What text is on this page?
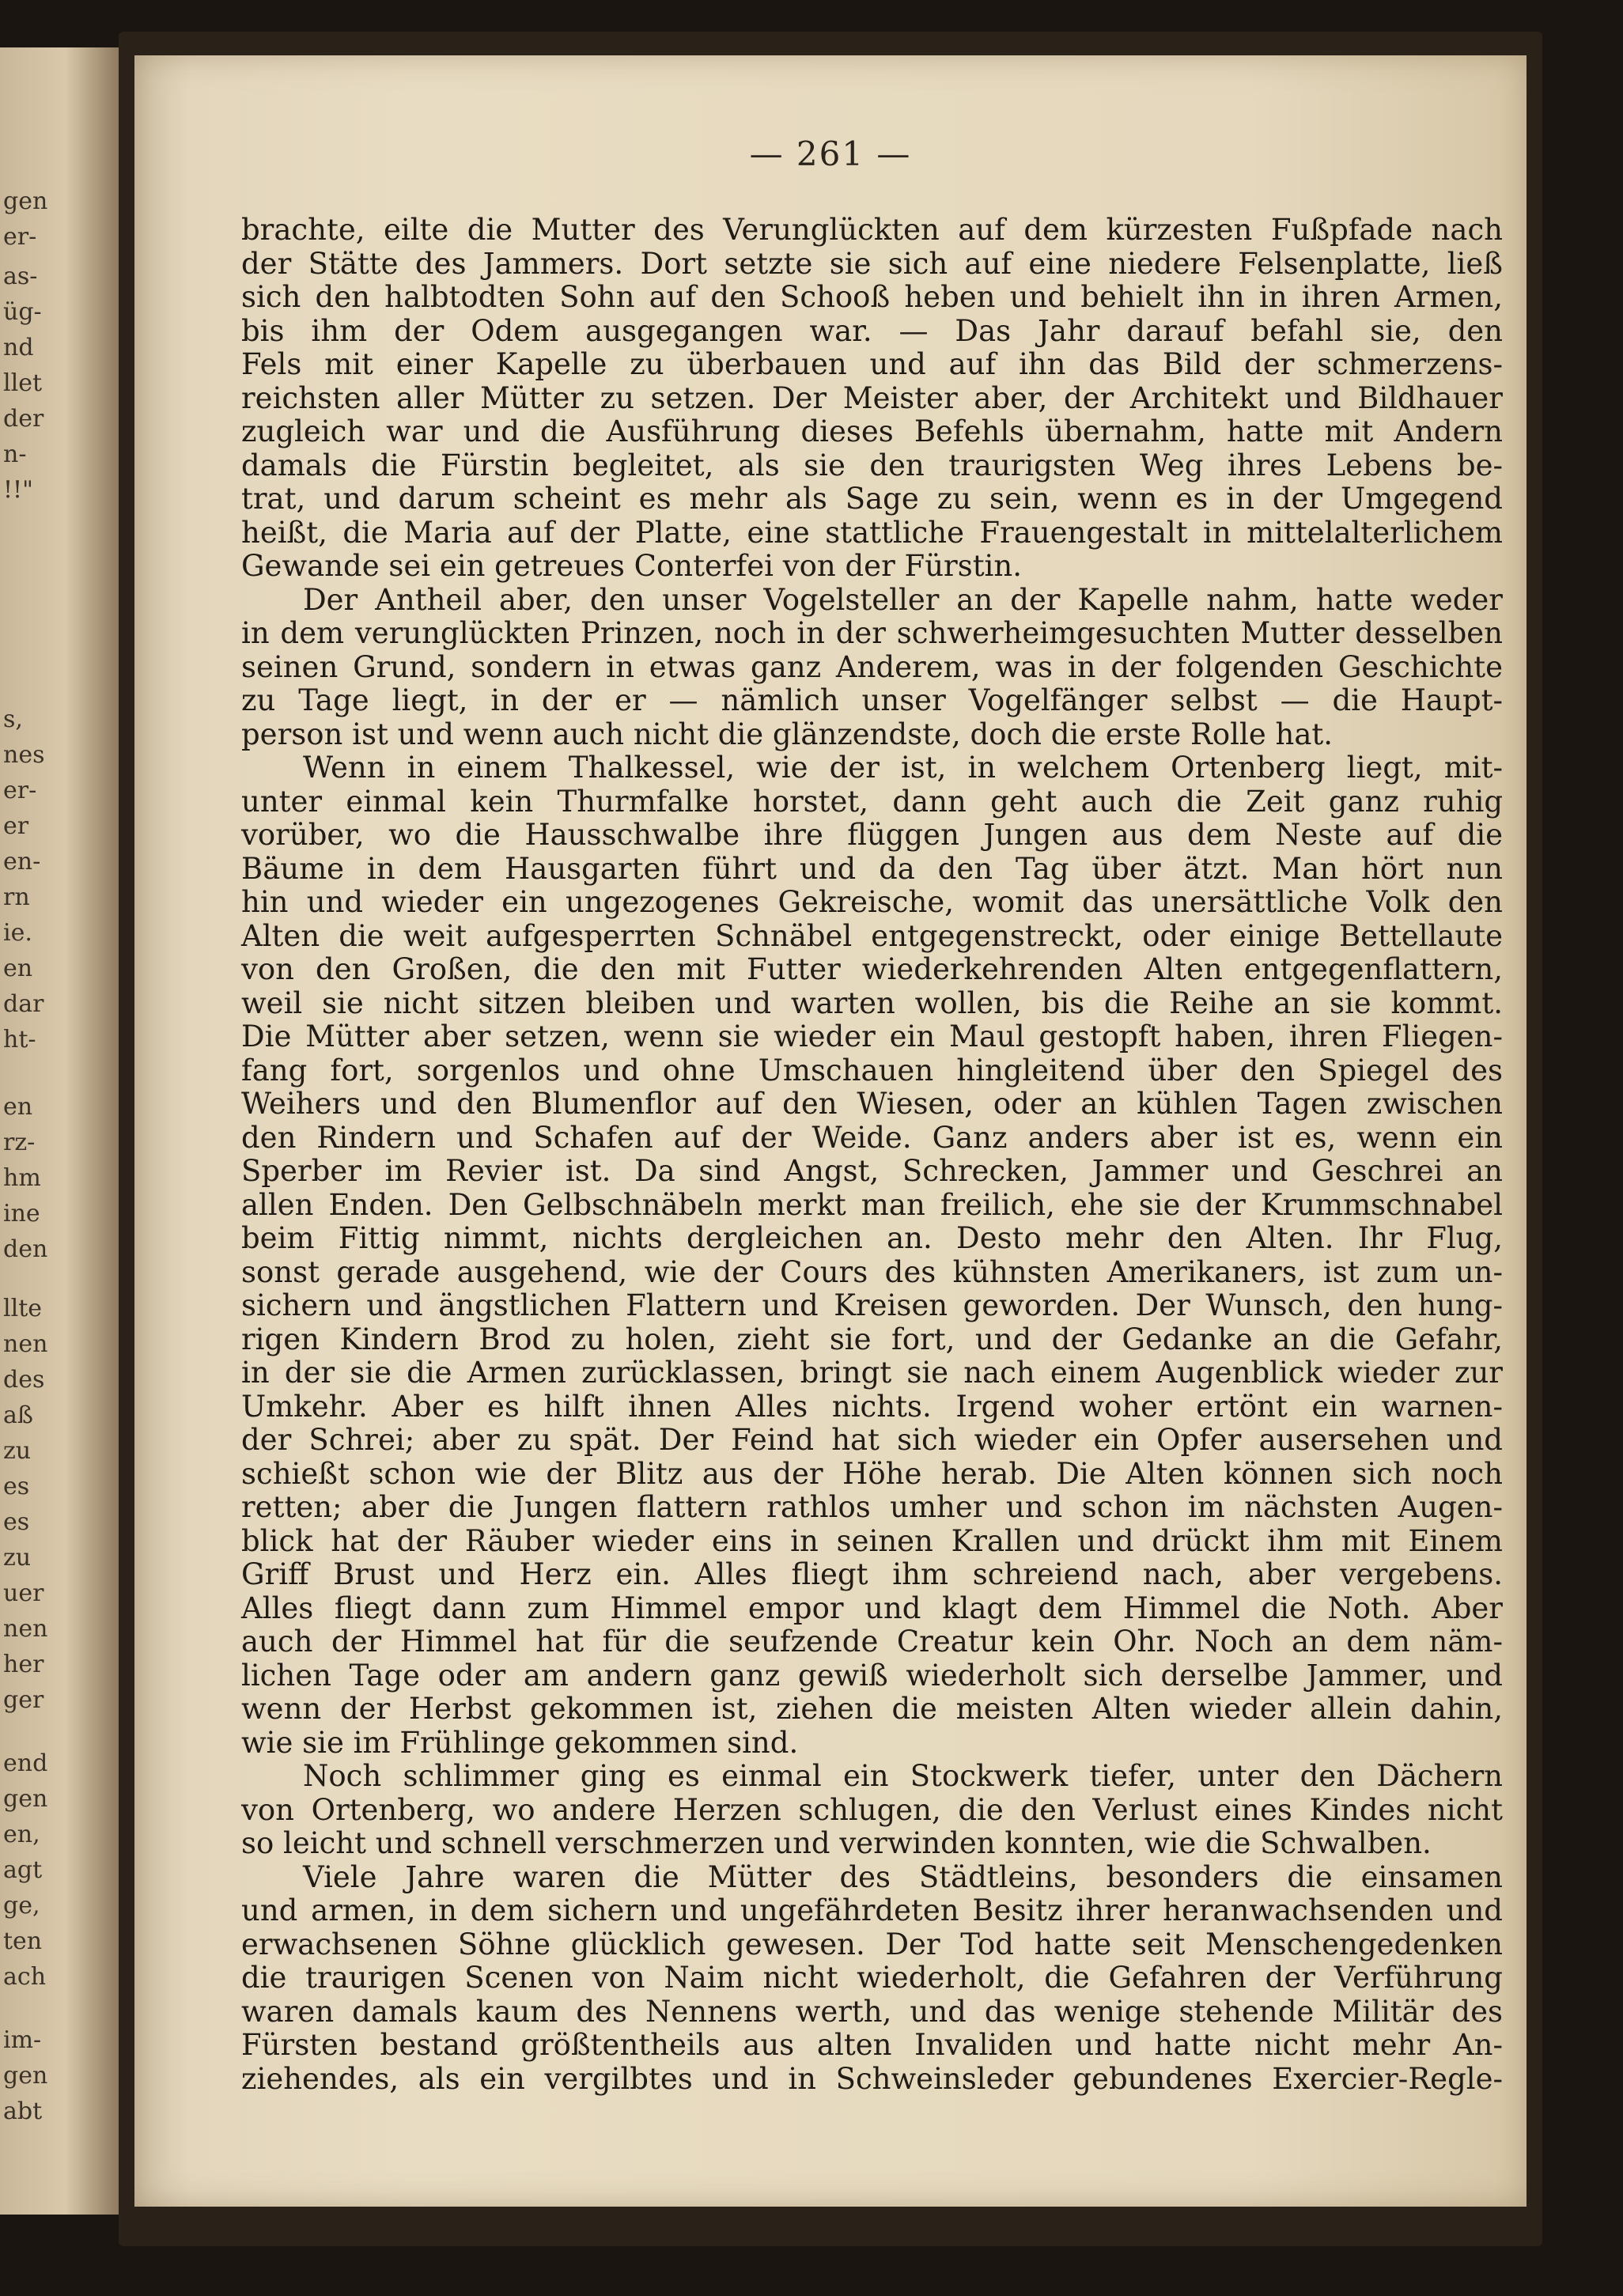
gen
er-
as-
üg-
nd
llet
der
n-
!!"
s,
nes
er-
er
en-
rn
ie.
en
dar
ht-
en
rz-
hm
ine
den
llte
nen
des
aß
zu
es
es
zu
uer
nen
her
ger
end
gen
en,
agt
ge,
ten
ach
im-
gen
abt
— 261 —
brachte, eilte die Mutter des Verunglückten auf dem kürzesten Fußpfade nach
der Stätte des Jammers. Dort setzte sie sich auf eine niedere Felsenplatte, ließ
sich den halbtodten Sohn auf den Schooß heben und behielt ihn in ihren Armen,
bis ihm der Odem ausgegangen war. — Das Jahr darauf befahl sie, den
Fels mit einer Kapelle zu überbauen und auf ihn das Bild der schmerzens-
reichsten aller Mütter zu setzen. Der Meister aber, der Architekt und Bildhauer
zugleich war und die Ausführung dieses Befehls übernahm, hatte mit Andern
damals die Fürstin begleitet, als sie den traurigsten Weg ihres Lebens be-
trat, und darum scheint es mehr als Sage zu sein, wenn es in der Umgegend
heißt, die Maria auf der Platte, eine stattliche Frauengestalt in mittelalterlichem
Gewande sei ein getreues Conterfei von der Fürstin.
Der Antheil aber, den unser Vogelsteller an der Kapelle nahm, hatte weder
in dem verunglückten Prinzen, noch in der schwerheimgesuchten Mutter desselben
seinen Grund, sondern in etwas ganz Anderem, was in der folgenden Geschichte
zu Tage liegt, in der er — nämlich unser Vogelfänger selbst — die Haupt-
person ist und wenn auch nicht die glänzendste, doch die erste Rolle hat.
Wenn in einem Thalkessel, wie der ist, in welchem Ortenberg liegt, mit-
unter einmal kein Thurmfalke horstet, dann geht auch die Zeit ganz ruhig
vorüber, wo die Hausschwalbe ihre flüggen Jungen aus dem Neste auf die
Bäume in dem Hausgarten führt und da den Tag über ätzt. Man hört nun
hin und wieder ein ungezogenes Gekreische, womit das unersättliche Volk den
Alten die weit aufgesperrten Schnäbel entgegenstreckt, oder einige Bettellaute
von den Großen, die den mit Futter wiederkehrenden Alten entgegenflattern,
weil sie nicht sitzen bleiben und warten wollen, bis die Reihe an sie kommt.
Die Mütter aber setzen, wenn sie wieder ein Maul gestopft haben, ihren Fliegen-
fang fort, sorgenlos und ohne Umschauen hingleitend über den Spiegel des
Weihers und den Blumenflor auf den Wiesen, oder an kühlen Tagen zwischen
den Rindern und Schafen auf der Weide. Ganz anders aber ist es, wenn ein
Sperber im Revier ist. Da sind Angst, Schrecken, Jammer und Geschrei an
allen Enden. Den Gelbschnäbeln merkt man freilich, ehe sie der Krummschnabel
beim Fittig nimmt, nichts dergleichen an. Desto mehr den Alten. Ihr Flug,
sonst gerade ausgehend, wie der Cours des kühnsten Amerikaners, ist zum un-
sichern und ängstlichen Flattern und Kreisen geworden. Der Wunsch, den hung-
rigen Kindern Brod zu holen, zieht sie fort, und der Gedanke an die Gefahr,
in der sie die Armen zurücklassen, bringt sie nach einem Augenblick wieder zur
Umkehr. Aber es hilft ihnen Alles nichts. Irgend woher ertönt ein warnen-
der Schrei; aber zu spät. Der Feind hat sich wieder ein Opfer ausersehen und
schießt schon wie der Blitz aus der Höhe herab. Die Alten können sich noch
retten; aber die Jungen flattern rathlos umher und schon im nächsten Augen-
blick hat der Räuber wieder eins in seinen Krallen und drückt ihm mit Einem
Griff Brust und Herz ein. Alles fliegt ihm schreiend nach, aber vergebens.
Alles fliegt dann zum Himmel empor und klagt dem Himmel die Noth. Aber
auch der Himmel hat für die seufzende Creatur kein Ohr. Noch an dem näm-
lichen Tage oder am andern ganz gewiß wiederholt sich derselbe Jammer, und
wenn der Herbst gekommen ist, ziehen die meisten Alten wieder allein dahin,
wie sie im Frühlinge gekommen sind.
Noch schlimmer ging es einmal ein Stockwerk tiefer, unter den Dächern
von Ortenberg, wo andere Herzen schlugen, die den Verlust eines Kindes nicht
so leicht und schnell verschmerzen und verwinden konnten, wie die Schwalben.
Viele Jahre waren die Mütter des Städtleins, besonders die einsamen
und armen, in dem sichern und ungefährdeten Besitz ihrer heranwachsenden und
erwachsenen Söhne glücklich gewesen. Der Tod hatte seit Menschengedenken
die traurigen Scenen von Naim nicht wiederholt, die Gefahren der Verführung
waren damals kaum des Nennens werth, und das wenige stehende Militär des
Fürsten bestand größtentheils aus alten Invaliden und hatte nicht mehr An-
ziehendes, als ein vergilbtes und in Schweinsleder gebundenes Exercier-Regle-
